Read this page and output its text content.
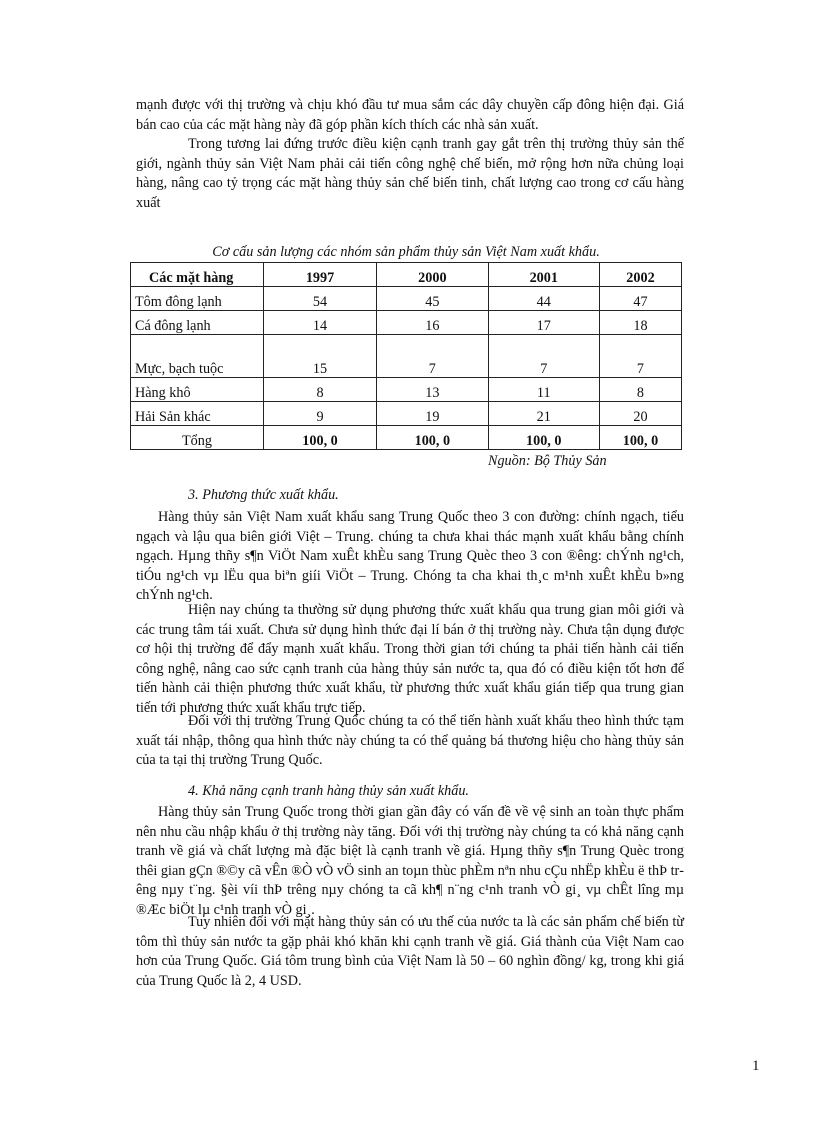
mạnh được với thị trường và chịu khó đầu tư mua sắm các dây chuyền cấp đông hiện đại. Giá bán cao của các mặt hàng này đã góp phần kích thích các nhà sản xuất.

Trong tương lai đứng trước điều kiện cạnh tranh gay gắt trên thị trường thủy sản thế giới, ngành thủy sản Việt Nam phải cải tiến công nghệ chế biến, mở rộng hơn nữa chủng loại hàng, nâng cao tỷ trọng các mặt hàng thủy sản chế biến tinh, chất lượng cao trong cơ cấu hàng xuất

Cơ cấu sản lượng các nhóm sản phẩm thủy sản Việt Nam xuất khẩu.

Các mặt hàng	1997	2000	2001	2002
Tôm đông lạnh	54	45	44	47
Cá đông lạnh	14	16	17	18
Mực, bạch tuộc	15	7	7	7
Hàng khô	8	13	11	8
Hải Sản khác	9	19	21	20
Tổng	100, 0	100, 0	100, 0	100, 0

Nguồn: Bộ Thủy Sản

3. Phương thức xuất khẩu.

Hàng thủy sản Việt Nam xuất khẩu sang Trung Quốc theo 3 con đường: chính ngạch, tiểu ngạch và lậu qua biên giới Việt – Trung. chúng ta chưa khai thác mạnh xuất khẩu bằng chính ngạch. Hµng thñy s¶n ViÖt Nam xuÊt khÈu sang Trung Quèc theo 3 con ®êng: chÝnh ng¹ch, tiÓu ng¹ch vµ lËu qua biªn giíi ViÖt – Trung. Chóng ta cha khai th¸c m¹nh xuÊt khÈu b»ng chÝnh ng¹ch.

Hiện nay chúng ta thường sử dụng phương thức xuất khẩu qua trung gian môi giới và các trung tâm tái xuất. Chưa sử dụng hình thức đại lí bán ở thị trường này. Chưa tận dụng được cơ hội thị trường để đẩy mạnh xuất khẩu. Trong thời gian tới chúng ta phải tiến hành cải tiến công nghệ, nâng cao sức cạnh tranh của hàng thủy sản nước ta, qua đó có điều kiện tốt hơn để tiến hành cải thiện phương thức xuất khẩu, từ phương thức xuất khẩu gián tiếp qua trung gian tiến tới phương thức xuất khẩu trực tiếp.

Đối với thị trường Trung Quốc chúng ta có thể tiến hành xuất khẩu theo hình thức tạm xuất tái nhập, thông qua hình thức này chúng ta có thể quảng bá thương hiệu cho hàng thủy sản của ta tại thị trường Trung Quốc.

4. Khả năng cạnh tranh hàng thủy sản xuất khẩu.

Hàng thủy sản Trung Quốc trong thời gian gần đây có vấn đề về vệ sinh an toàn thực phẩm nên nhu cầu nhập khẩu ở thị trường này tăng. Đối với thị trường này chúng ta có khả năng cạnh tranh về giá và chất lượng mà đặc biệt là cạnh tranh về giá. Hµng thñy s¶n Trung Quèc trong thêi gian gÇn ®©y cã vÊn ®Ò vÒ vÖ sinh an toµn thùc phÈm nªn nhu cÇu nhËp khÈu ë thÞ trêng nµy t¨ng. §èi víi thÞ trêng nµy chóng ta cã kh¶ n¨ng c¹nh tranh vÒ gi¸ vµ chÊt lîng mµ ®Æc biÖt lµ c¹nh tranh vÒ gi¸.

Tuy nhiên đối với mặt hàng thủy sản có ưu thế của nước ta là các sản phẩm chế biến từ tôm thì thủy sản nước ta gặp phải khó khăn khi cạnh tranh về giá. Giá thành của Việt Nam cao hơn của Trung Quốc. Giá tôm trung bình của Việt Nam là 50 – 60 nghìn đồng/ kg, trong khi giá của Trung Quốc là 2, 4 USD.

1
